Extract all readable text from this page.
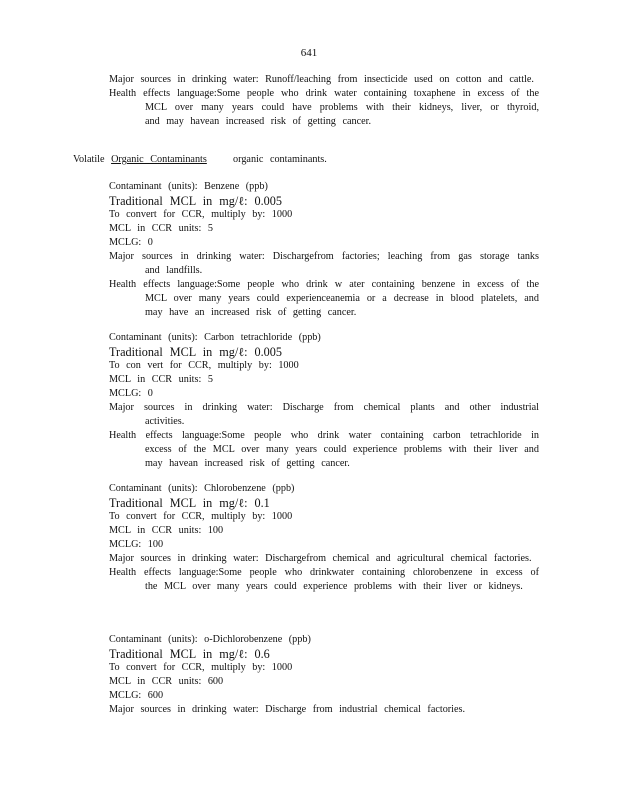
641

Major sources in drinking water: Runoff/leaching from insecticide used on cotton and cattle.

Health effects language:Some people who drink water containing toxaphene in excess of the MCL over many years could have problems with their kidneys, liver, or thyroid, and may havean increased risk of getting cancer.

Volatile Organic Contaminants	organic contaminants.

Contaminant (units): Benzene (ppb)

Traditional MCL in mg/ℓ: 0.005

To convert for CCR, multiply by: 1000

MCL in CCR units: 5

MCLG: 0

Major sources in drinking water: Dischargefrom factories; leaching from gas storage tanks and landfills.

Health effects language:Some people who drink w ater containing benzene in excess of the MCL over many years could experienceanemia or a decrease in blood platelets, and may have an increased risk of getting cancer.

Contaminant (units): Carbon tetrachloride (ppb)

Traditional MCL in mg/ℓ: 0.005

To con vert for CCR, multiply by: 1000

MCL in CCR units: 5

MCLG: 0

Major sources in drinking water: Discharge from chemical plants and other industrial activities.

Health effects language:Some people who drink water containing carbon tetrachloride in excess of the MCL over many years could experience problems with their liver and may havean increased risk of getting cancer.

Contaminant (units): Chlorobenzene (ppb)

Traditional MCL in mg/ℓ: 0.1

To convert for CCR, multiply by: 1000

MCL in CCR units: 100

MCLG: 100

Major sources in drinking water: Dischargefrom chemical and agricultural chemical factories.

Health effects language:Some people who drinkwater containing chlorobenzene in excess of the MCL over many years could experience problems with their liver or kidneys.

Contaminant (units): o-Dichlorobenzene (ppb)

Traditional MCL in mg/ℓ: 0.6

To convert for CCR, multiply by: 1000

MCL in CCR units: 600

MCLG: 600

Major sources in drinking water: Discharge from industrial chemical factories.
